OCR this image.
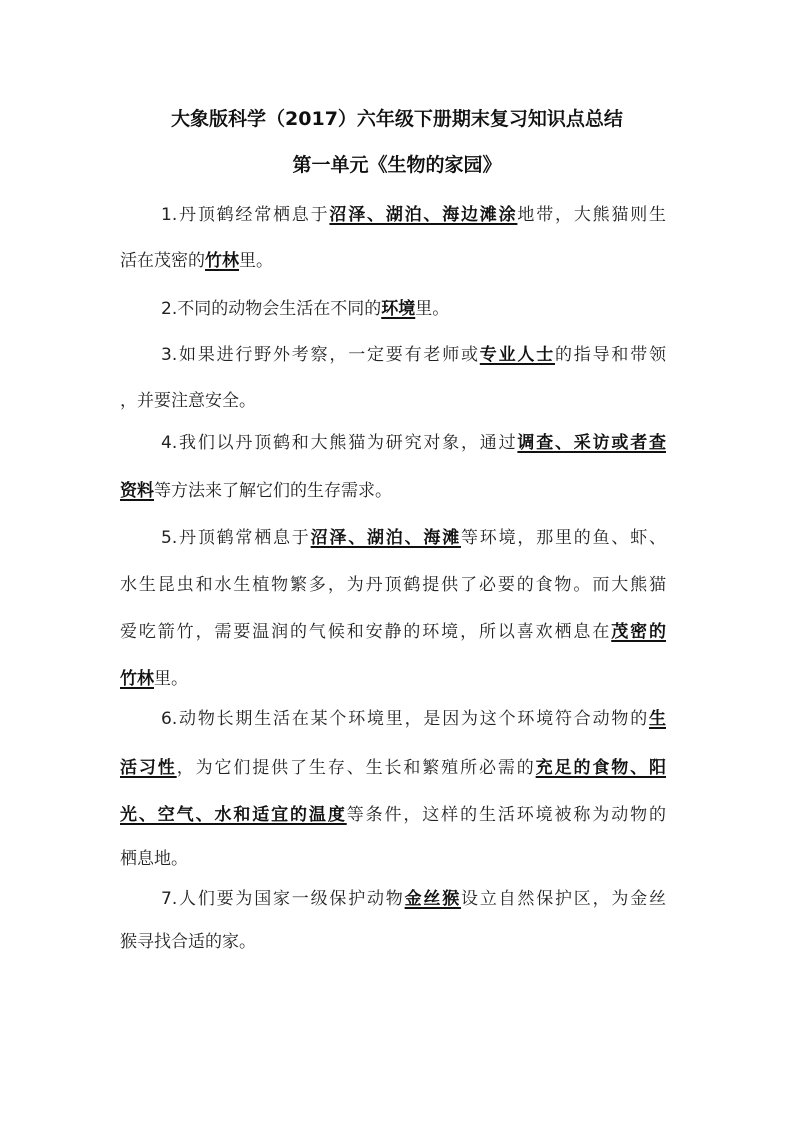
大象版科学（2017）六年级下册期末复习知识点总结
第一单元《生物的家园》
1.丹顶鹤经常栖息于沼泽、湖泊、海边滩涂地带，大熊猫则生
活在茂密的竹林里。
2.不同的动物会生活在不同的环境里。
3.如果进行野外考察，一定要有老师或专业人士的指导和带领
，并要注意安全。
4.我们以丹顶鹤和大熊猫为研究对象，通过调查、采访或者查
资料等方法来了解它们的生存需求。
5.丹顶鹤常栖息于沼泽、湖泊、海滩等环境，那里的鱼、虾、
水生昆虫和水生植物繁多，为丹顶鹤提供了必要的食物。而大熊猫
爱吃箭竹，需要温润的气候和安静的环境，所以喜欢栖息在茂密的
竹林里。
6.动物长期生活在某个环境里，是因为这个环境符合动物的生
活习性，为它们提供了生存、生长和繁殖所必需的充足的食物、阳
光、空气、水和适宜的温度等条件，这样的生活环境被称为动物的
栖息地。
7.人们要为国家一级保护动物金丝猴设立自然保护区，为金丝
猴寻找合适的家。
